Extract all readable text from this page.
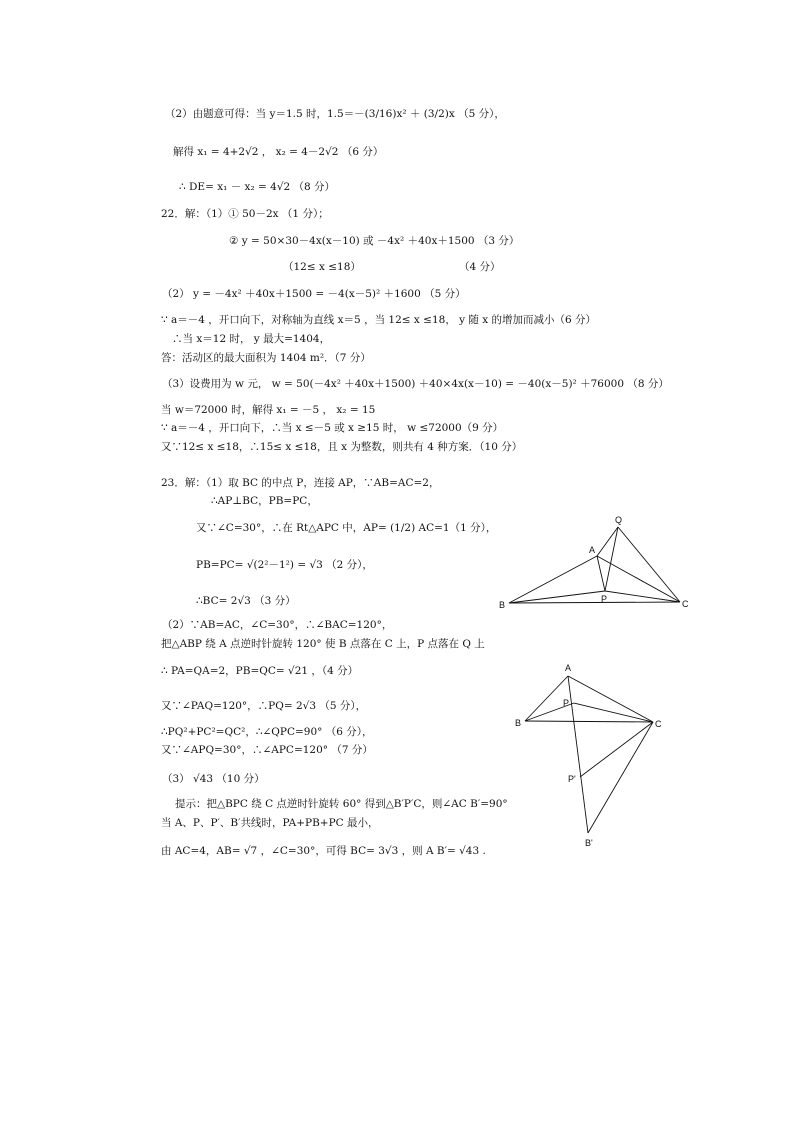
（2）由题意可得：当 y＝1.5 时，1.5＝－(3/16)x² ＋ (3/2)x （5 分），
解得 x₁ = 4+2√2 ， x₂ = 4－2√2 （6 分）
∴ DE= x₁ － x₂ = 4√2 （8 分）
22．解：（1）① 50－2x （1 分）；
② y = 50×30－4x(x－10) 或 －4x² ＋40x＋1500 （3 分）
（12≤ x ≤18）	（4 分）
（2） y = －4x² ＋40x＋1500 = －4(x－5)² ＋1600 （5 分）
∵ a＝－4 ，开口向下，对称轴为直线 x＝5 ，当 12≤ x ≤18， y 随 x 的增加而减小（6 分）
∴当 x＝12 时， y 最大=1404，
答：活动区的最大面积为 1404 m²．（7 分）
（3）设费用为 w 元， w = 50(－4x² ＋40x＋1500) ＋40×4x(x－10) = －40(x－5)² ＋76000 （8 分）
当 w＝72000 时，解得 x₁ = －5 ， x₂ = 15
∵ a＝－4 ，开口向下，∴当 x ≤－5 或 x ≥15 时， w ≤72000（9 分）
又∵12≤ x ≤18，∴15≤ x ≤18，且 x 为整数，则共有 4 种方案．（10 分）
23．解：（1）取 BC 的中点 P，连接 AP，∵AB=AC=2，
∴AP⊥BC，PB=PC，
又∵∠C=30°，∴在 Rt△APC 中，AP= (1/2) AC=1（1 分），
PB=PC= √(2²－1²) = √3 （2 分），
∴BC= 2√3 （3 分）
（2）∵AB=AC，∠C=30°，∴∠BAC=120°，
把△ABP 绕 A 点逆时针旋转 120° 使 B 点落在 C 上，P 点落在 Q 上
∴ PA=QA=2，PB=QC= √21 ，（4 分）
又∵∠PAQ=120°，∴PQ= 2√3 （5 分），
∴PQ²+PC²=QC²，∴∠QPC=90° （6 分），
又∵∠APQ=30°，∴∠APC=120° （7 分）
（3） √43 （10 分）
提示：把△BPC 绕 C 点逆时针旋转 60° 得到△B′P′C，则∠AC B′=90°
当 A、P、P′、B′共线时，PA+PB+PC 最小，
由 AC=4，AB= √7 ，∠C=30°，可得 BC= 3√3 ，则 A B′= √43 .
Q
A
B
P	C
A
P
B	C
P'
B'
